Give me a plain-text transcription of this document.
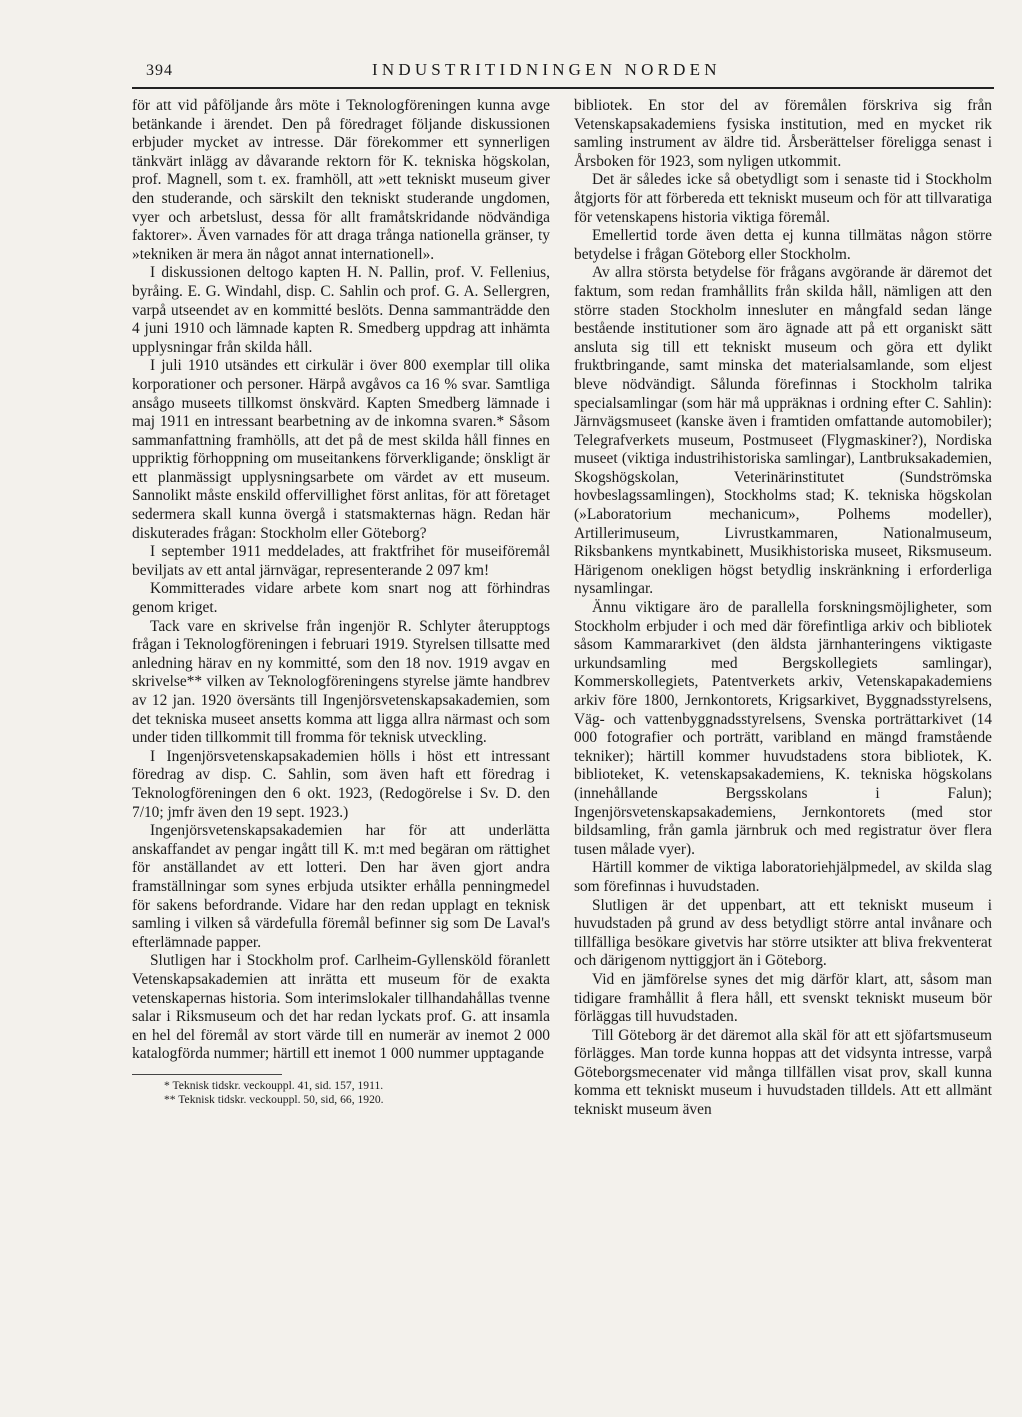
394	INDUSTRITIDNINGEN NORDEN

för att vid påföljande års möte i Teknologföreningen kunna avge betänkande i ärendet. Den på föredraget följande diskussionen erbjuder mycket av intresse. Där förekommer ett synnerligen tänkvärt inlägg av dåvarande rektorn för K. tekniska högskolan, prof. Magnell, som t. ex. framhöll, att »ett tekniskt museum giver den studerande, och särskilt den tekniskt studerande ungdomen, vyer och arbetslust, dessa för allt framåtskridande nödvändiga faktorer». Även varnades för att draga trånga nationella gränser, ty »tekniken är mera än något annat internationell».

I diskussionen deltogo kapten H. N. Pallin, prof. V. Fellenius, byråing. E. G. Windahl, disp. C. Sahlin och prof. G. A. Sellergren, varpå utseendet av en kommitté beslöts. Denna sammanträdde den 4 juni 1910 och lämnade kapten R. Smedberg uppdrag att inhämta upplysningar från skilda håll.

I juli 1910 utsändes ett cirkulär i över 800 exemplar till olika korporationer och personer. Härpå avgåvos ca 16 % svar. Samtliga ansågo museets tillkomst önskvärd. Kapten Smedberg lämnade i maj 1911 en intressant bearbetning av de inkomna svaren.* Såsom sammanfattning framhölls, att det på de mest skilda håll finnes en uppriktig förhoppning om museitankens förverkligande; önskligt är ett planmässigt upplysningsarbete om värdet av ett museum. Sannolikt måste enskild offervillighet först anlitas, för att företaget sedermera skall kunna övergå i statsmakternas hägn. Redan här diskuterades frågan: Stockholm eller Göteborg?

I september 1911 meddelades, att fraktfrihet för museiföremål beviljats av ett antal järnvägar, representerande 2 097 km!

Kommitterades vidare arbete kom snart nog att förhindras genom kriget.

Tack vare en skrivelse från ingenjör R. Schlyter återupptogs frågan i Teknologföreningen i februari 1919. Styrelsen tillsatte med anledning härav en ny kommitté, som den 18 nov. 1919 avgav en skrivelse** vilken av Teknologföreningens styrelse jämte handbrev av 12 jan. 1920 översänts till Ingenjörsvetenskapsakademien, som det tekniska museet ansetts komma att ligga allra närmast och som under tiden tillkommit till fromma för teknisk utveckling.

I Ingenjörsvetenskapsakademien hölls i höst ett intressant föredrag av disp. C. Sahlin, som även haft ett föredrag i Teknologföreningen den 6 okt. 1923, (Redogörelse i Sv. D. den 7/10; jmfr även den 19 sept. 1923.)

Ingenjörsvetenskapsakademien har för att underlätta anskaffandet av pengar ingått till K. m:t med begäran om rättighet för anställandet av ett lotteri. Den har även gjort andra framställningar som synes erbjuda utsikter erhålla penningmedel för sakens befordrande. Vidare har den redan upplagt en teknisk samling i vilken så värdefulla föremål befinner sig som De Laval's efterlämnade papper.

Slutligen har i Stockholm prof. Carlheim-Gyllensköld föranlett Vetenskapsakademien att inrätta ett museum för de exakta vetenskapernas historia. Som interimslokaler tillhandahållas tvenne salar i Riksmuseum och det har redan lyckats prof. G. att insamla en hel del föremål av stort värde till en numerär av inemot 2 000 katalogförda nummer; härtill ett inemot 1 000 nummer upptagande

* Teknisk tidskr. veckouppl. 41, sid. 157, 1911.
** Teknisk tidskr. veckouppl. 50, sid, 66, 1920.

bibliotek. En stor del av föremålen förskriva sig från Vetenskapsakademiens fysiska institution, med en mycket rik samling instrument av äldre tid. Årsberättelser föreligga senast i Årsboken för 1923, som nyligen utkommit.

Det är således icke så obetydligt som i senaste tid i Stockholm åtgjorts för att förbereda ett tekniskt museum och för att tillvaratiga för vetenskapens historia viktiga föremål.

Emellertid torde även detta ej kunna tillmätas någon större betydelse i frågan Göteborg eller Stockholm.

Av allra största betydelse för frågans avgörande är däremot det faktum, som redan framhållits från skilda håll, nämligen att den större staden Stockholm innesluter en mångfald sedan länge bestående institutioner som äro ägnade att på ett organiskt sätt ansluta sig till ett tekniskt museum och göra ett dylikt fruktbringande, samt minska det materialsamlande, som eljest bleve nödvändigt. Sålunda förefinnas i Stockholm talrika specialsamlingar (som här må uppräknas i ordning efter C. Sahlin): Järnvägsmuseet (kanske även i framtiden omfattande automobiler); Telegrafverkets museum, Postmuseet (Flygmaskiner?), Nordiska museet (viktiga industrihistoriska samlingar), Lantbruksakademien, Skogshögskolan, Veterinärinstitutet (Sundströmska hovbeslagssamlingen), Stockholms stad; K. tekniska högskolan (»Laboratorium mechanicum», Polhems modeller), Artillerimuseum, Livrustkammaren, Nationalmuseum, Riksbankens myntkabinett, Musikhistoriska museet, Riksmuseum. Härigenom onekligen högst betydlig inskränkning i erforderliga nysamlingar.

Ännu viktigare äro de parallella forskningsmöjligheter, som Stockholm erbjuder i och med där förefintliga arkiv och bibliotek såsom Kammararkivet (den äldsta järnhanteringens viktigaste urkundsamling med Bergskollegiets samlingar), Kommerskollegiets, Patentverkets arkiv, Vetenskapakademiens arkiv före 1800, Jernkontorets, Krigsarkivet, Byggnadsstyrelsens, Väg- och vattenbyggnadsstyrelsens, Svenska porträttarkivet (14 000 fotografier och porträtt, varibland en mängd framstående tekniker); härtill kommer huvudstadens stora bibliotek, K. biblioteket, K. vetenskapsakademiens, K. tekniska högskolans (innehållande Bergsskolans i Falun); Ingenjörsvetenskapsakademiens, Jernkontorets (med stor bildsamling, från gamla järnbruk och med registratur över flera tusen målade vyer).

Härtill kommer de viktiga laboratoriehjälpmedel, av skilda slag som förefinnas i huvudstaden.

Slutligen är det uppenbart, att ett tekniskt museum i huvudstaden på grund av dess betydligt större antal invånare och tillfälliga besökare givetvis har större utsikter att bliva frekventerat och därigenom nyttiggjort än i Göteborg.

Vid en jämförelse synes det mig därför klart, att, såsom man tidigare framhållit å flera håll, ett svenskt tekniskt museum bör förläggas till huvudstaden.

Till Göteborg är det däremot alla skäl för att ett sjöfartsmuseum förlägges. Man torde kunna hoppas att det vidsynta intresse, varpå Göteborgsmecenater vid många tillfällen visat prov, skall kunna komma ett tekniskt museum i huvudstaden tilldels. Att ett allmänt tekniskt museum även
